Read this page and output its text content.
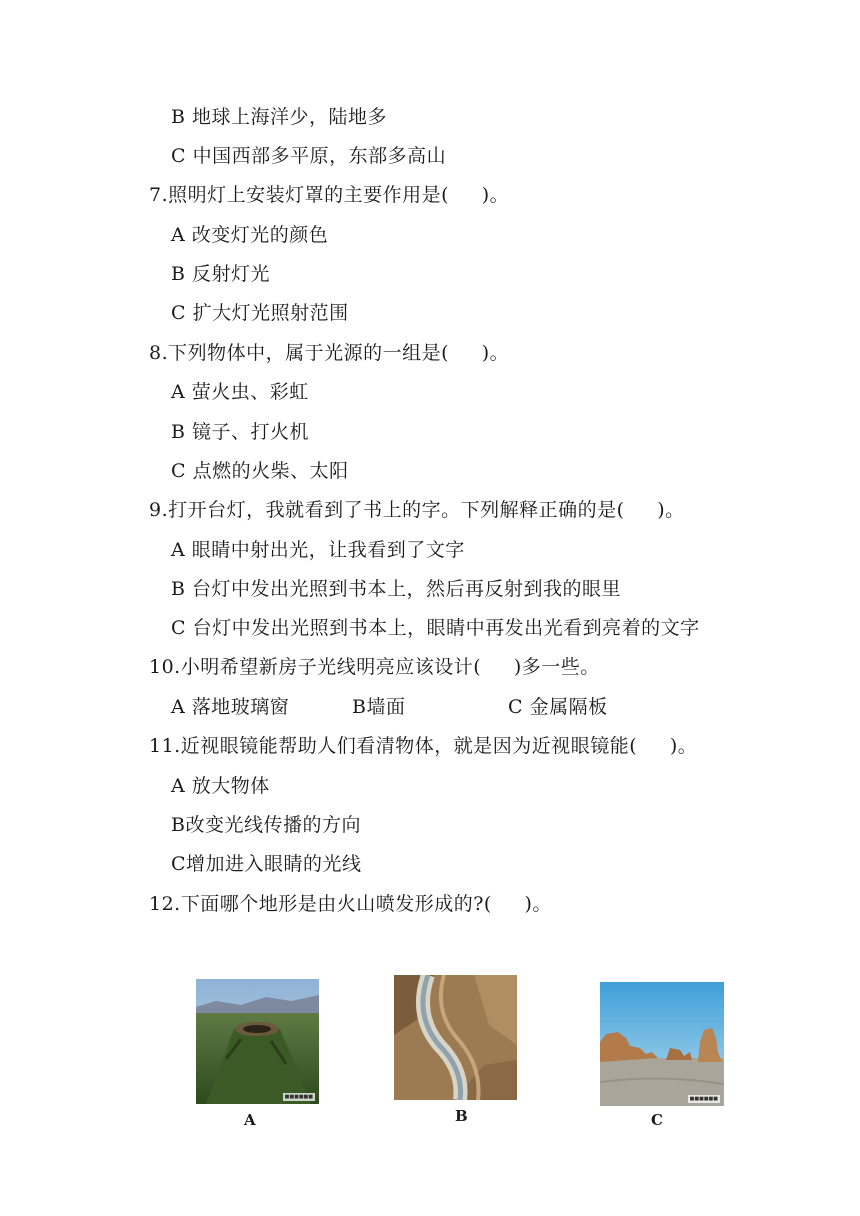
B 地球上海洋少，陆地多
C 中国西部多平原，东部多高山
7.照明灯上安装灯罩的主要作用是(     )。
A 改变灯光的颜色
B 反射灯光
C 扩大灯光照射范围
8.下列物体中，属于光源的一组是(     )。
A 萤火虫、彩虹
B 镜子、打火机
C 点燃的火柴、太阳
9.打开台灯，我就看到了书上的字。下列解释正确的是(     )。
A 眼睛中射出光，让我看到了文字
B 台灯中发出光照到书本上，然后再反射到我的眼里
C 台灯中发出光照到书本上，眼睛中再发出光看到亮着的文字
10.小明希望新房子光线明亮应该设计(     )多一些。
A 落地玻璃窗	B墙面	C 金属隔板
11.近视眼镜能帮助人们看清物体，就是因为近视眼镜能(     )。
A 放大物体
B改变光线传播的方向
C增加进入眼睛的光线
12.下面哪个地形是由火山喷发形成的?(     )。
■■■■■■
A	B
■■■■■■
C
